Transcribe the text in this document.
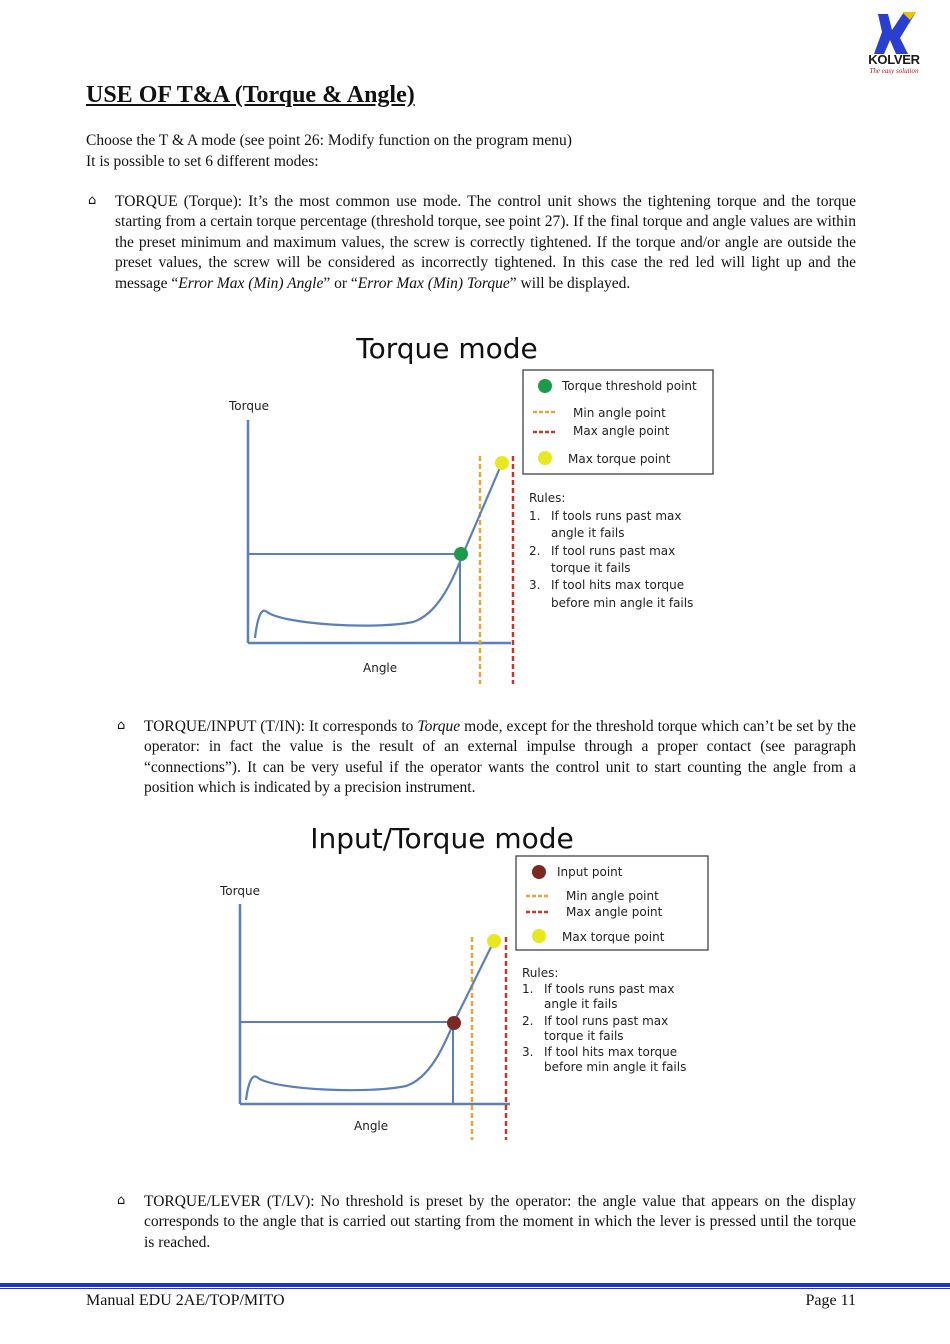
KOLVER
The easy solution
USE OF T&A (Torque & Angle)
Choose the T & A mode (see point 26: Modify function on the program menu)
It is possible to set 6 different modes:
⌂ TORQUE (Torque): It’s the most common use mode. The control unit shows the tightening torque and the torque starting from a certain torque percentage (threshold torque, see point 27). If the final torque and angle values are within the preset minimum and maximum values, the screw is correctly tightened. If the torque and/or angle are outside the preset values, the screw will be considered as incorrectly tightened. In this case the red led will light up and the message “Error Max (Min) Angle” or “Error Max (Min) Torque” will be displayed.
Torque mode
Torque
Angle
Torque threshold point
Min angle point
Max angle point
Max torque point
Rules:
1. If tools runs past max
angle it fails
2. If tool runs past max
torque it fails
3. If tool hits max torque
before min angle it fails
⌂ TORQUE/INPUT (T/IN): It corresponds to Torque mode, except for the threshold torque which can’t be set by the operator: in fact the value is the result of an external impulse through a proper contact (see paragraph “connections”). It can be very useful if the operator wants the control unit to start counting the angle from a position which is indicated by a precision instrument.
Input/Torque mode
Torque
Angle
Input point
Min angle point
Max angle point
Max torque point
Rules:
1. If tools runs past max
angle it fails
2. If tool runs past max
torque it fails
3. If tool hits max torque
before min angle it fails
⌂ TORQUE/LEVER (T/LV): No threshold is preset by the operator: the angle value that appears on the display corresponds to the angle that is carried out starting from the moment in which the lever is pressed until the torque is reached.
Manual EDU 2AE/TOP/MITO	Page 11
